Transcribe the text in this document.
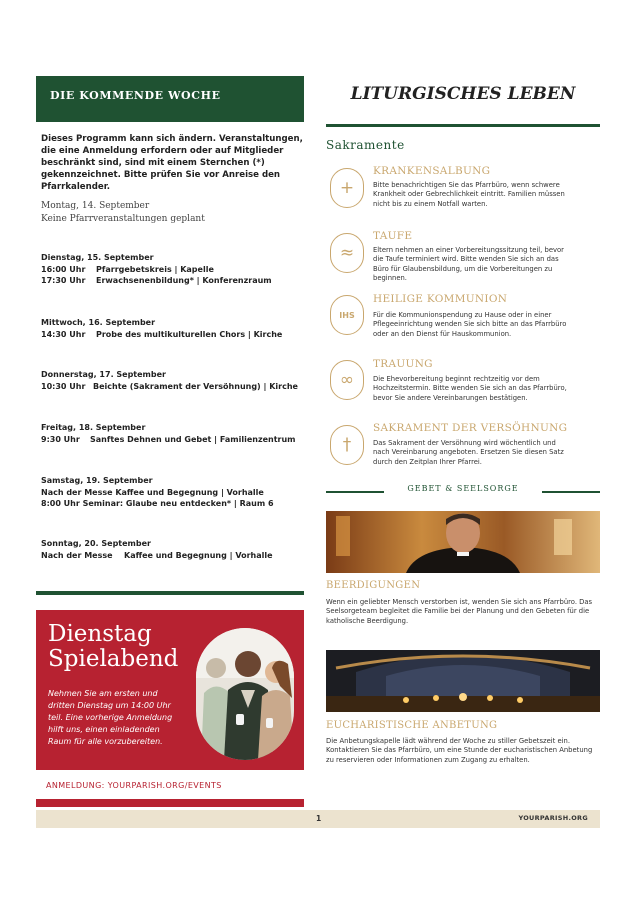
DIE KOMMENDE WOCHE
Dieses Programm kann sich ändern. Veranstaltungen, die eine Anmeldung erfordern oder auf Mitglieder beschränkt sind, sind mit einem Sternchen (*) gekennzeichnet. Bitte prüfen Sie vor Anreise den Pfarrkalender.
Montag, 14. September
Keine Pfarrveranstaltungen geplant
Dienstag, 15. September
16:00 Uhr Pfarrgebetskreis | Kapelle
17:30 Uhr Erwachsenenbildung* | Konferenzraum
Mittwoch, 16. September
14:30 Uhr Probe des multikulturellen Chors | Kirche
Donnerstag, 17. September
10:30 Uhr Beichte (Sakrament der Versöhnung) | Kirche
Freitag, 18. September
9:30 Uhr Sanftes Dehnen und Gebet | Familienzentrum
Samstag, 19. September
Nach der Messe Kaffee und Begegnung | Vorhalle
8:00 Uhr Seminar: Glaube neu entdecken* | Raum 6
Sonntag, 20. September
Nach der Messe Kaffee und Begegnung | Vorhalle
Dienstag Spielabend
Nehmen Sie am ersten und dritten Dienstag um 14:00 Uhr teil. Eine vorherige Anmeldung hilft uns, einen einladenden Raum für alle vorzubereiten.
ANMELDUNG: YOURPARISH.ORG/EVENTS
LITURGISCHES LEBEN
Sakramente
+
KRANKENSALBUNG
Bitte benachrichtigen Sie das Pfarrbüro, wenn schwere Krankheit oder Gebrechlichkeit eintritt. Familien müssen nicht bis zu einem Notfall warten.
≈
TAUFE
Eltern nehmen an einer Vorbereitungssitzung teil, bevor die Taufe terminiert wird. Bitte wenden Sie sich an das Büro für Glaubensbildung, um die Vorbereitungen zu beginnen.
IHS
HEILIGE KOMMUNION
Für die Kommunionspendung zu Hause oder in einer Pflegeeinrichtung wenden Sie sich bitte an das Pfarrbüro oder an den Dienst für Hauskommunion.
∞
TRAUUNG
Die Ehevorbereitung beginnt rechtzeitig vor dem Hochzeitstermin. Bitte wenden Sie sich an das Pfarrbüro, bevor Sie andere Vereinbarungen bestätigen.
†
SAKRAMENT DER VERSÖHNUNG
Das Sakrament der Versöhnung wird wöchentlich und nach Vereinbarung angeboten. Ersetzen Sie diesen Satz durch den Zeitplan Ihrer Pfarrei.
GEBET & SEELSORGE
BEERDIGUNGEN
Wenn ein geliebter Mensch verstorben ist, wenden Sie sich ans Pfarrbüro. Das Seelsorgeteam begleitet die Familie bei der Planung und den Gebeten für die katholische Beerdigung.
EUCHARISTISCHE ANBETUNG
Die Anbetungskapelle lädt während der Woche zu stiller Gebetszeit ein. Kontaktieren Sie das Pfarrbüro, um eine Stunde der eucharistischen Anbetung zu reservieren oder Informationen zum Zugang zu erhalten.
1	YOURPARISH.ORG
